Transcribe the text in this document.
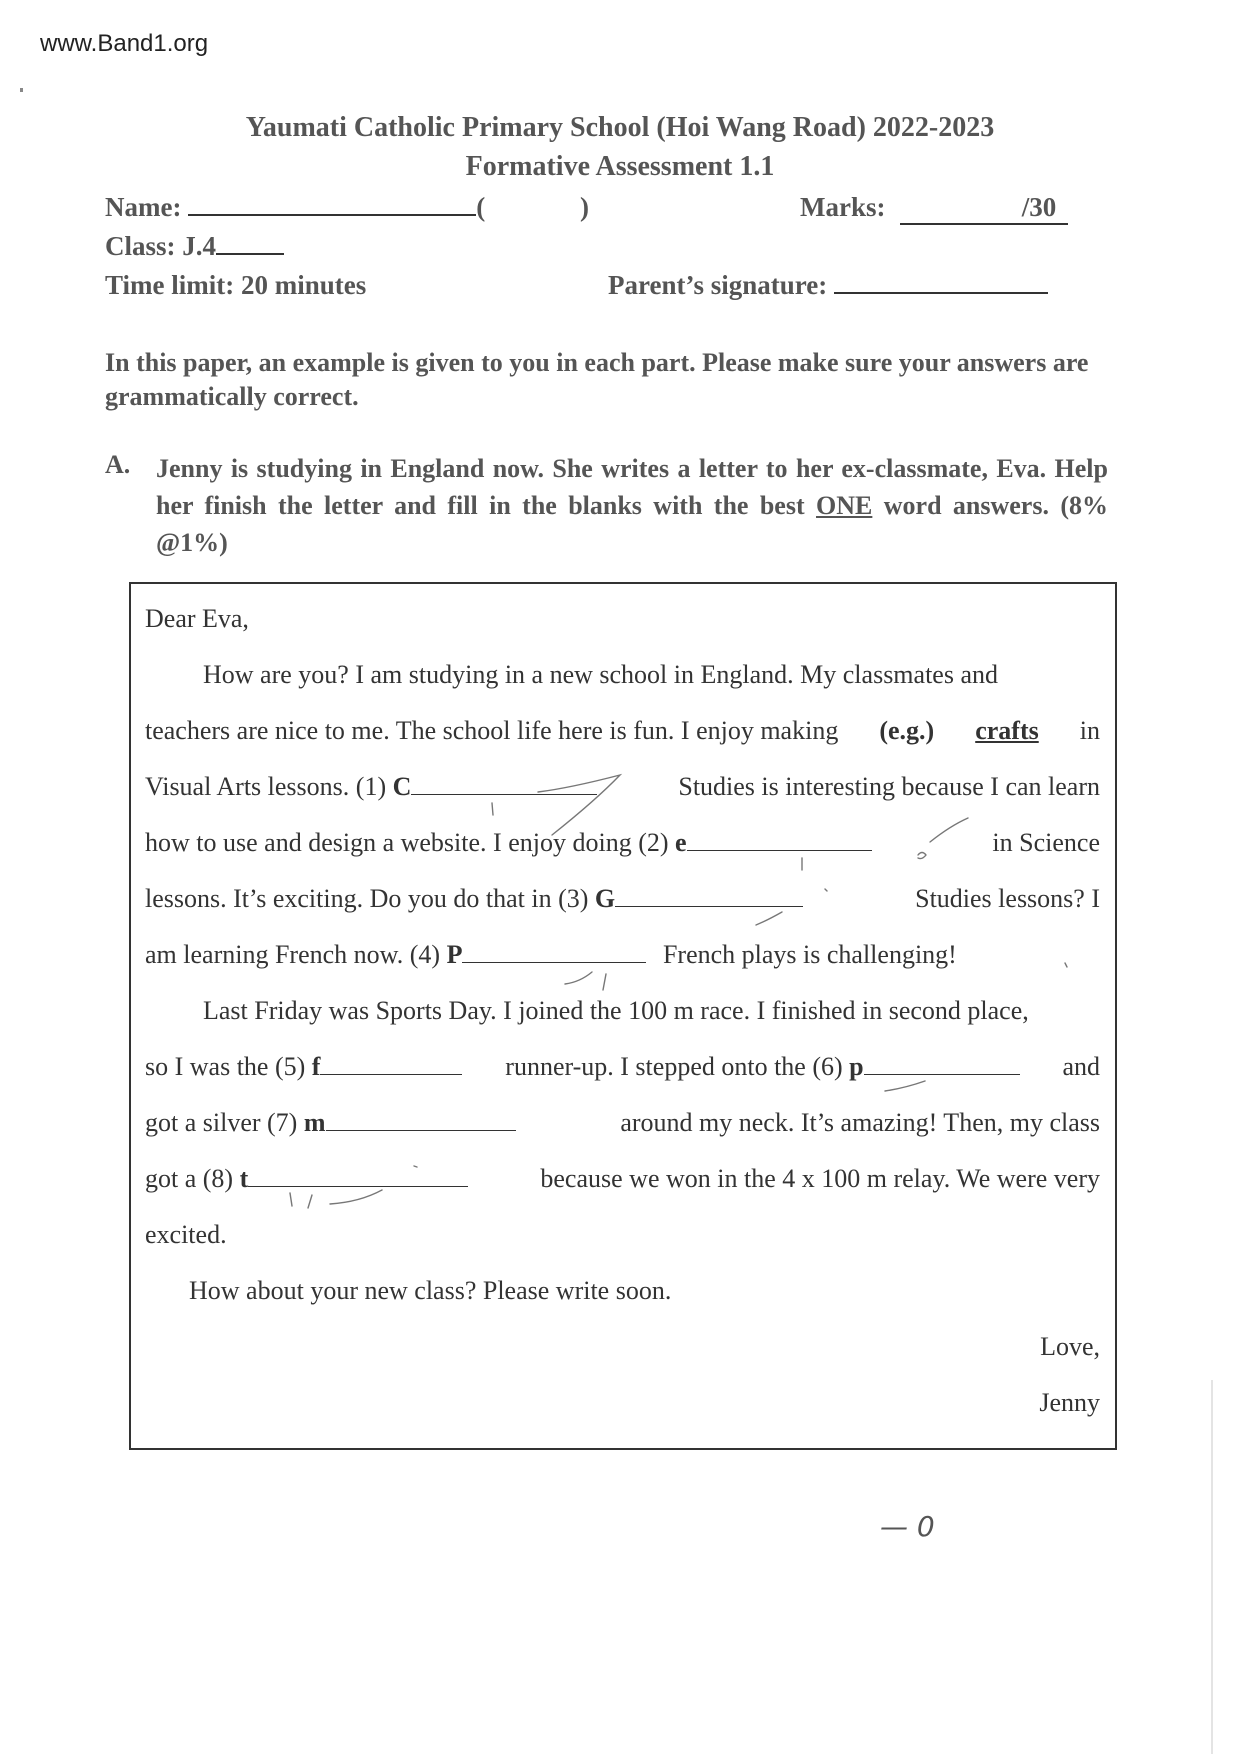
www.Band1.org
Yaumati Catholic Primary School (Hoi Wang Road) 2022-2023
Formative Assessment 1.1
Name:	(	)	Marks:	/30
Class: J.4
Time limit: 20 minutes	Parent’s signature:
In this paper, an example is given to you in each part. Please make sure your answers are grammatically correct.
A. Jenny is studying in England now. She writes a letter to her ex-classmate, Eva. Help her finish the letter and fill in the blanks with the best ONE word answers. (8% @1%)
Dear Eva,
How are you? I am studying in a new school in England. My classmates and
teachers are nice to me. The school life here is fun. I enjoy making (e.g.) crafts in
Visual Arts lessons. (1) C	Studies is interesting because I can learn
how to use and design a website. I enjoy doing (2) e	in Science
lessons. It’s exciting. Do you do that in (3) G	Studies lessons? I
am learning French now. (4) P	French plays is challenging!
Last Friday was Sports Day. I joined the 100 m race. I finished in second place,
so I was the (5) f	runner-up. I stepped onto the (6) p	and
got a silver (7) m	around my neck. It’s amazing! Then, my class
got a (8) t	because we won in the 4 x 100 m relay. We were very
excited.
How about your new class? Please write soon.
Love,
Jenny
— 0
